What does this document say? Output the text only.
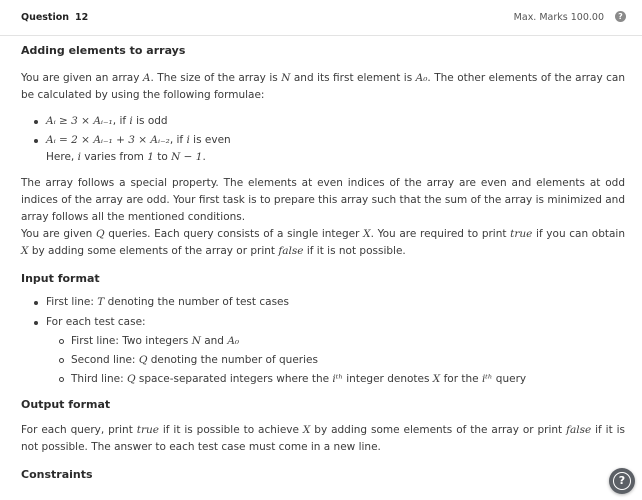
Question 12	Max. Marks 100.00	?
Adding elements to arrays

You are given an array A. The size of the array is N and its first element is A₀. The other elements of the array can be calculated by using the following formulae:

Aᵢ ≥ 3 × Aᵢ₋₁, if i is odd
Aᵢ = 2 × Aᵢ₋₁ + 3 × Aᵢ₋₂, if i is even

Here, i varies from 1 to N − 1.

The array follows a special property. The elements at even indices of the array are even and elements at odd indices of the array are odd. Your first task is to prepare this array such that the sum of the array is minimized and array follows all the mentioned conditions.

You are given Q queries. Each query consists of a single integer X. You are required to print true if you can obtain X by adding some elements of the array or print false if it is not possible.

Input format
First line: T denoting the number of test cases
For each test case:
First line: Two integers N and A₀
Second line: Q denoting the number of queries
Third line: Q space-separated integers where the iᵗʰ integer denotes X for the iᵗʰ query
Output format

For each query, print true if it is possible to achieve X by adding some elements of the array or print false if it is not possible. The answer to each test case must come in a new line.

Constraints	?
